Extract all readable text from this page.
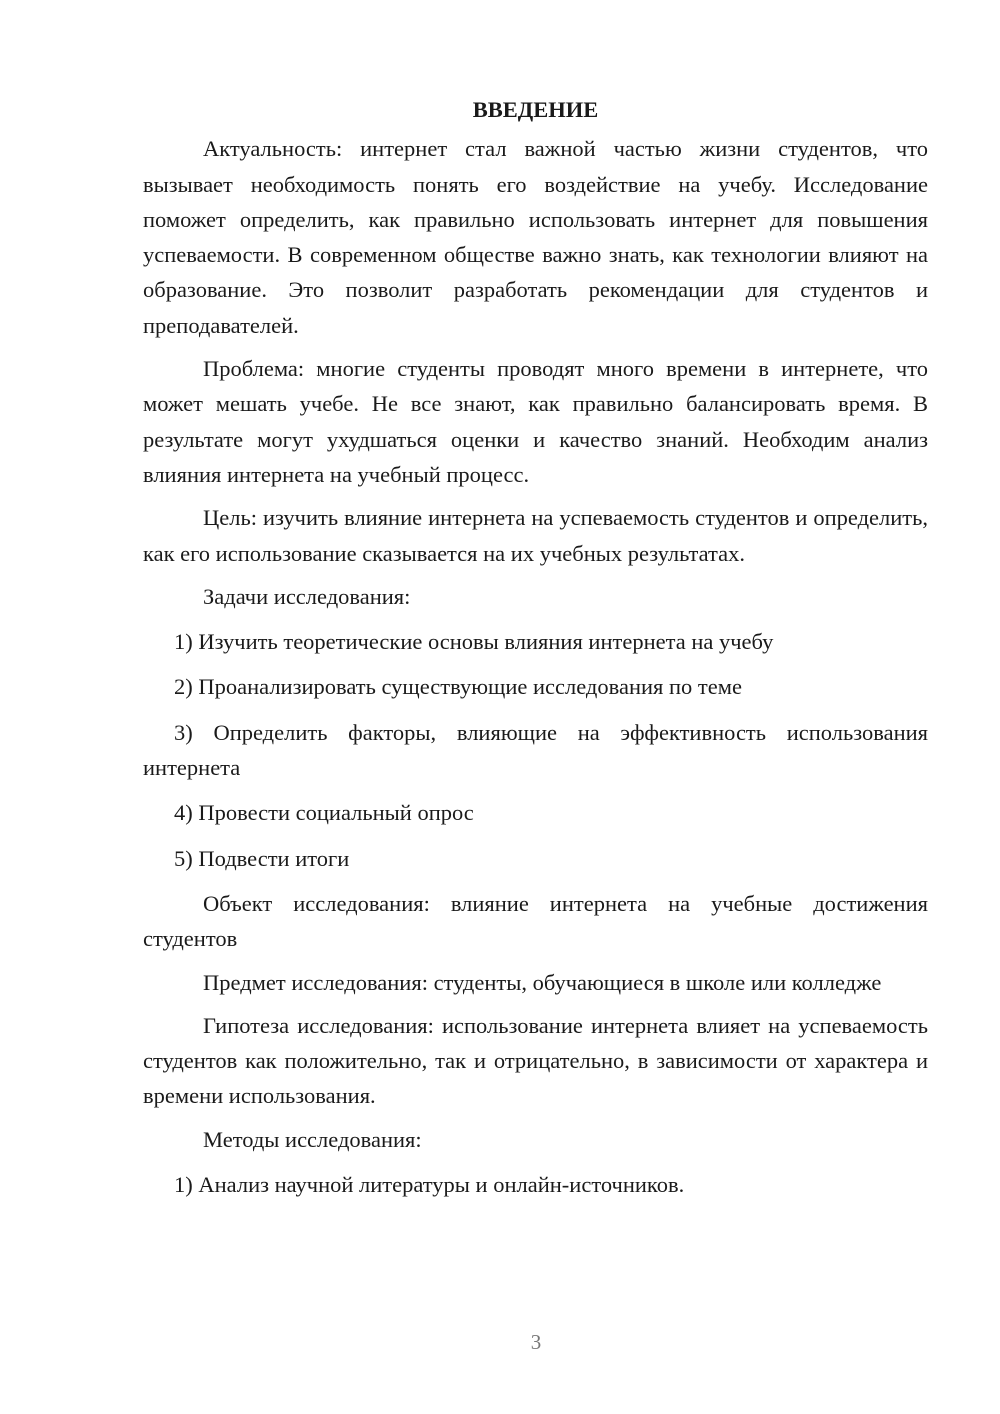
ВВЕДЕНИЕ

Актуальность: интернет стал важной частью жизни студентов, что вызывает необходимость понять его воздействие на учебу. Исследование поможет определить, как правильно использовать интернет для повышения успеваемости. В современном обществе важно знать, как технологии влияют на образование. Это позволит разработать рекомендации для студентов и преподавателей.

Проблема: многие студенты проводят много времени в интернете, что может мешать учебе. Не все знают, как правильно балансировать время. В результате могут ухудшаться оценки и качество знаний. Необходим анализ влияния интернета на учебный процесс.

Цель: изучить влияние интернета на успеваемость студентов и определить, как его использование сказывается на их учебных результатах.

Задачи исследования:

1) Изучить теоретические основы влияния интернета на учебу

2) Проанализировать существующие исследования по теме

3) Определить факторы, влияющие на эффективность использования интернета

4) Провести социальный опрос

5) Подвести итоги

Объект исследования: влияние интернета на учебные достижения студентов

Предмет исследования: студенты, обучающиеся в школе или колледже

Гипотеза исследования: использование интернета влияет на успеваемость студентов как положительно, так и отрицательно, в зависимости от характера и времени использования.

Методы исследования:

1) Анализ научной литературы и онлайн-источников.

3
